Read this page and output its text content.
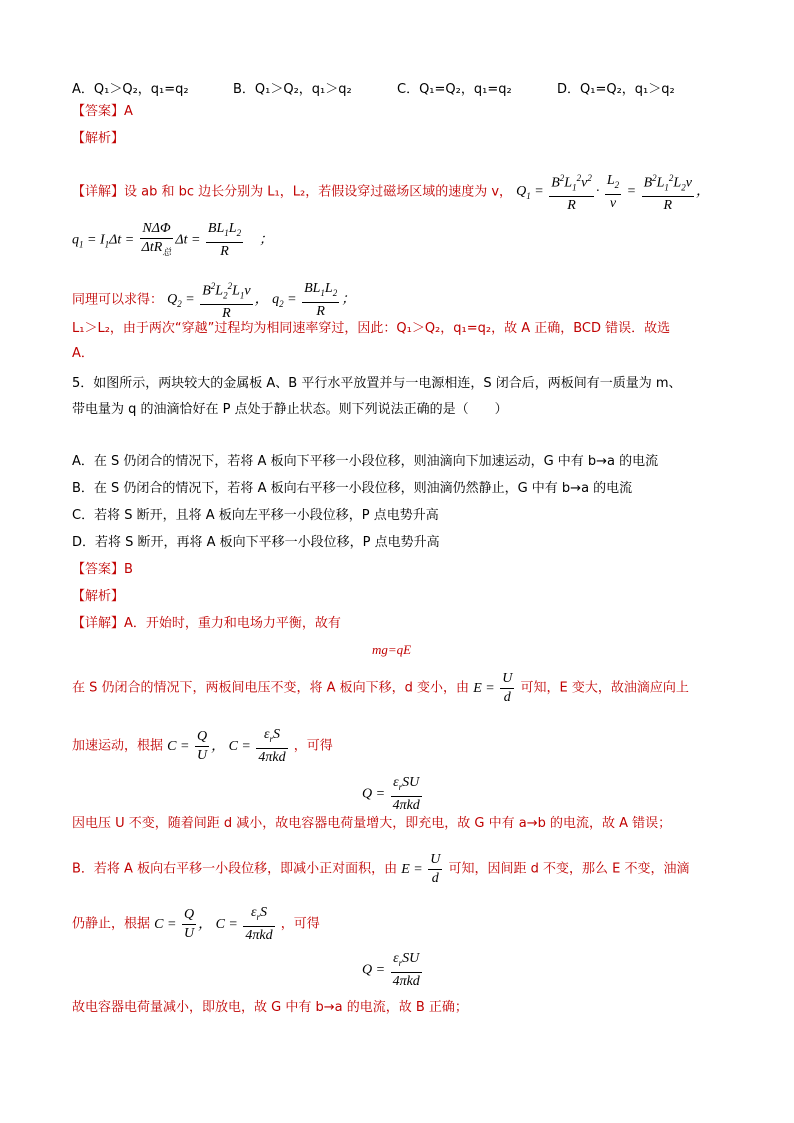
A．Q₁＞Q₂，q₁=q₂	B．Q₁＞Q₂，q₁＞q₂	C．Q₁=Q₂，q₁=q₂	D．Q₁=Q₂，q₁＞q₂
【答案】A
【解析】
【详解】设 ab 和 bc 边长分别为 L₁，L₂，若假设穿过磁场区域的速度为 v， $Q_1 = \frac{B^2L_1^2v^2}{R} \cdot \frac{L_2}{v} = \frac{B^2L_1^2L_2v}{R}$ ，
$q_1 = I_1\Delta t = \frac{\text{NΔΦ}}{\Delta tR_总}$ $\Delta t = \frac{BL_1L_2}{R}$ 　；
同理可以求得： $Q_2 = \frac{B^2L_2^2L_1v}{R}$ ， $q_2 = \frac{BL_1L_2}{R}$ ；
L₁＞L₂，由于两次“穿越”过程均为相同速率穿过，因此：Q₁＞Q₂，q₁=q₂，故 A 正确，BCD 错误．故选
A．
5．如图所示，两块较大的金属板 A、B 平行水平放置并与一电源相连，S 闭合后，两板间有一质量为 m、
带电量为 q 的油滴恰好在 P 点处于静止状态。则下列说法正确的是（　　）
A．在 S 仍闭合的情况下，若将 A 板向下平移一小段位移，则油滴向下加速运动，G 中有 b→a 的电流
B．在 S 仍闭合的情况下，若将 A 板向右平移一小段位移，则油滴仍然静止，G 中有 b→a 的电流
C．若将 S 断开，且将 A 板向左平移一小段位移，P 点电势升高
D．若将 S 断开，再将 A 板向下平移一小段位移，P 点电势升高
【答案】B
【解析】
【详解】A．开始时，重力和电场力平衡，故有
mg=qE
在 S 仍闭合的情况下，两板间电压不变，将 A 板向下移，d 变小，由 $E = \frac{U}{d}$ 可知，E 变大，故油滴应向上
加速运动，根据 $C = \frac{Q}{U}$ ， $C = \frac{\varepsilon_rS}{\text{4πkd}}$ ，可得
$Q = \frac{\varepsilon_rSU}{\text{4πkd}}$
因电压 U 不变，随着间距 d 减小，故电容器电荷量增大，即充电，故 G 中有 a→b 的电流，故 A 错误；
B．若将 A 板向右平移一小段位移，即减小正对面积，由 $E = \frac{U}{d}$ 可知，因间距 d 不变，那么 E 不变，油滴
仍静止，根据 $C = \frac{Q}{U}$ ， $C = \frac{\varepsilon_rS}{\text{4πkd}}$ ，可得
$Q = \frac{\varepsilon_rSU}{\text{4πkd}}$
故电容器电荷量减小，即放电，故 G 中有 b→a 的电流，故 B 正确；
